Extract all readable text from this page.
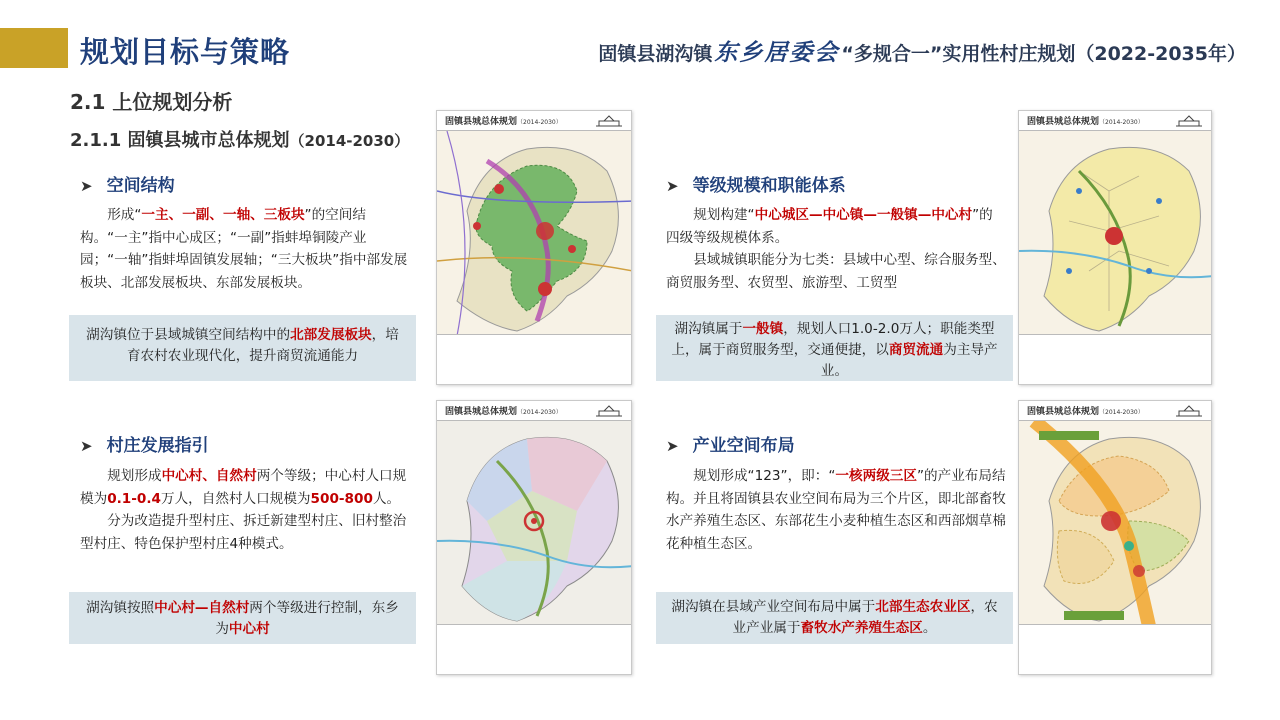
规划目标与策略	固镇县湖沟镇东乡居委会 “多规合一”实用性村庄规划（2022-2035年）
2.1 上位规划分析
2.1.1 固镇县城市总体规划（2014-2030）
➤ 空间结构

形成“一主、一副、一轴、三板块”的空间结构。“一主”指中心成区；“一副”指蚌埠铜陵产业园；“一轴”指蚌埠固镇发展轴；“三大板块”指中部发展板块、北部发展板块、东部发展板块。

湖沟镇位于县域城镇空间结构中的北部发展板块，培育农村农业现代化，提升商贸流通能力
➤ 等级规模和职能体系

规划构建“中心城区—中心镇—一般镇—中心村”的四级等级规模体系。

县域城镇职能分为七类：县域中心型、综合服务型、商贸服务型、农贸型、旅游型、工贸型

湖沟镇属于一般镇，规划人口1.0-2.0万人；职能类型上，属于商贸服务型，交通便捷，以商贸流通为主导产业。
➤ 村庄发展指引

规划形成中心村、自然村两个等级；中心村人口规模为0.1-0.4万人，自然村人口规模为500-800人。

分为改造提升型村庄、拆迁新建型村庄、旧村整治型村庄、特色保护型村庄4种模式。

湖沟镇按照中心村—自然村两个等级进行控制，东乡为中心村
➤ 产业空间布局

规划形成“123”，即：“一核两级三区”的产业布局结构。并且将固镇县农业空间布局为三个片区，即北部畜牧水产养殖生态区、东部花生小麦种植生态区和西部烟草棉花种植生态区。

湖沟镇在县域产业空间布局中属于北部生态农业区，农业产业属于畜牧水产养殖生态区。
固镇县城总体规划（2014-2030）	固镇县城总体规划（2014-2030）
固镇县城总体规划（2014-2030）	固镇县城总体规划（2014-2030）
